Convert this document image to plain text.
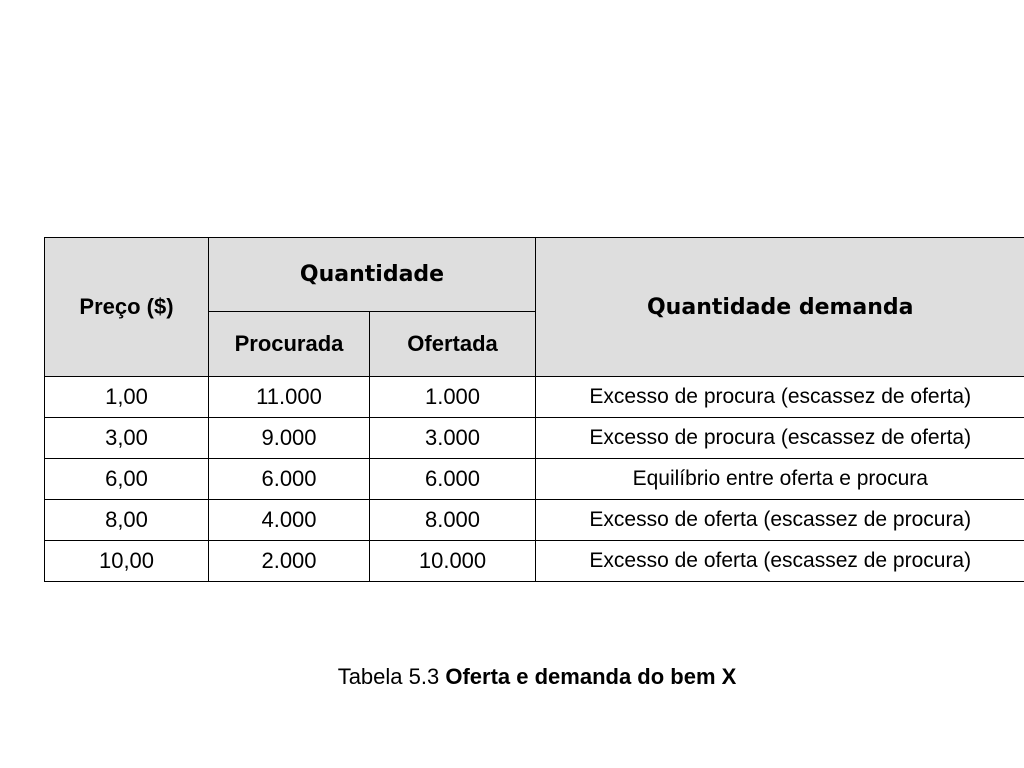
Preço ($)	Quantidade		Quantidade demanda
	Procurada	Ofertada	
1,00	11.000	1.000	Excesso de procura (escassez de oferta)
3,00	9.000	3.000	Excesso de procura (escassez de oferta)
6,00	6.000	6.000	Equilíbrio entre oferta e procura
8,00	4.000	8.000	Excesso de oferta (escassez de procura)
10,00	2.000	10.000	Excesso de oferta (escassez de procura)
Tabela 5.3 Oferta e demanda do bem X
